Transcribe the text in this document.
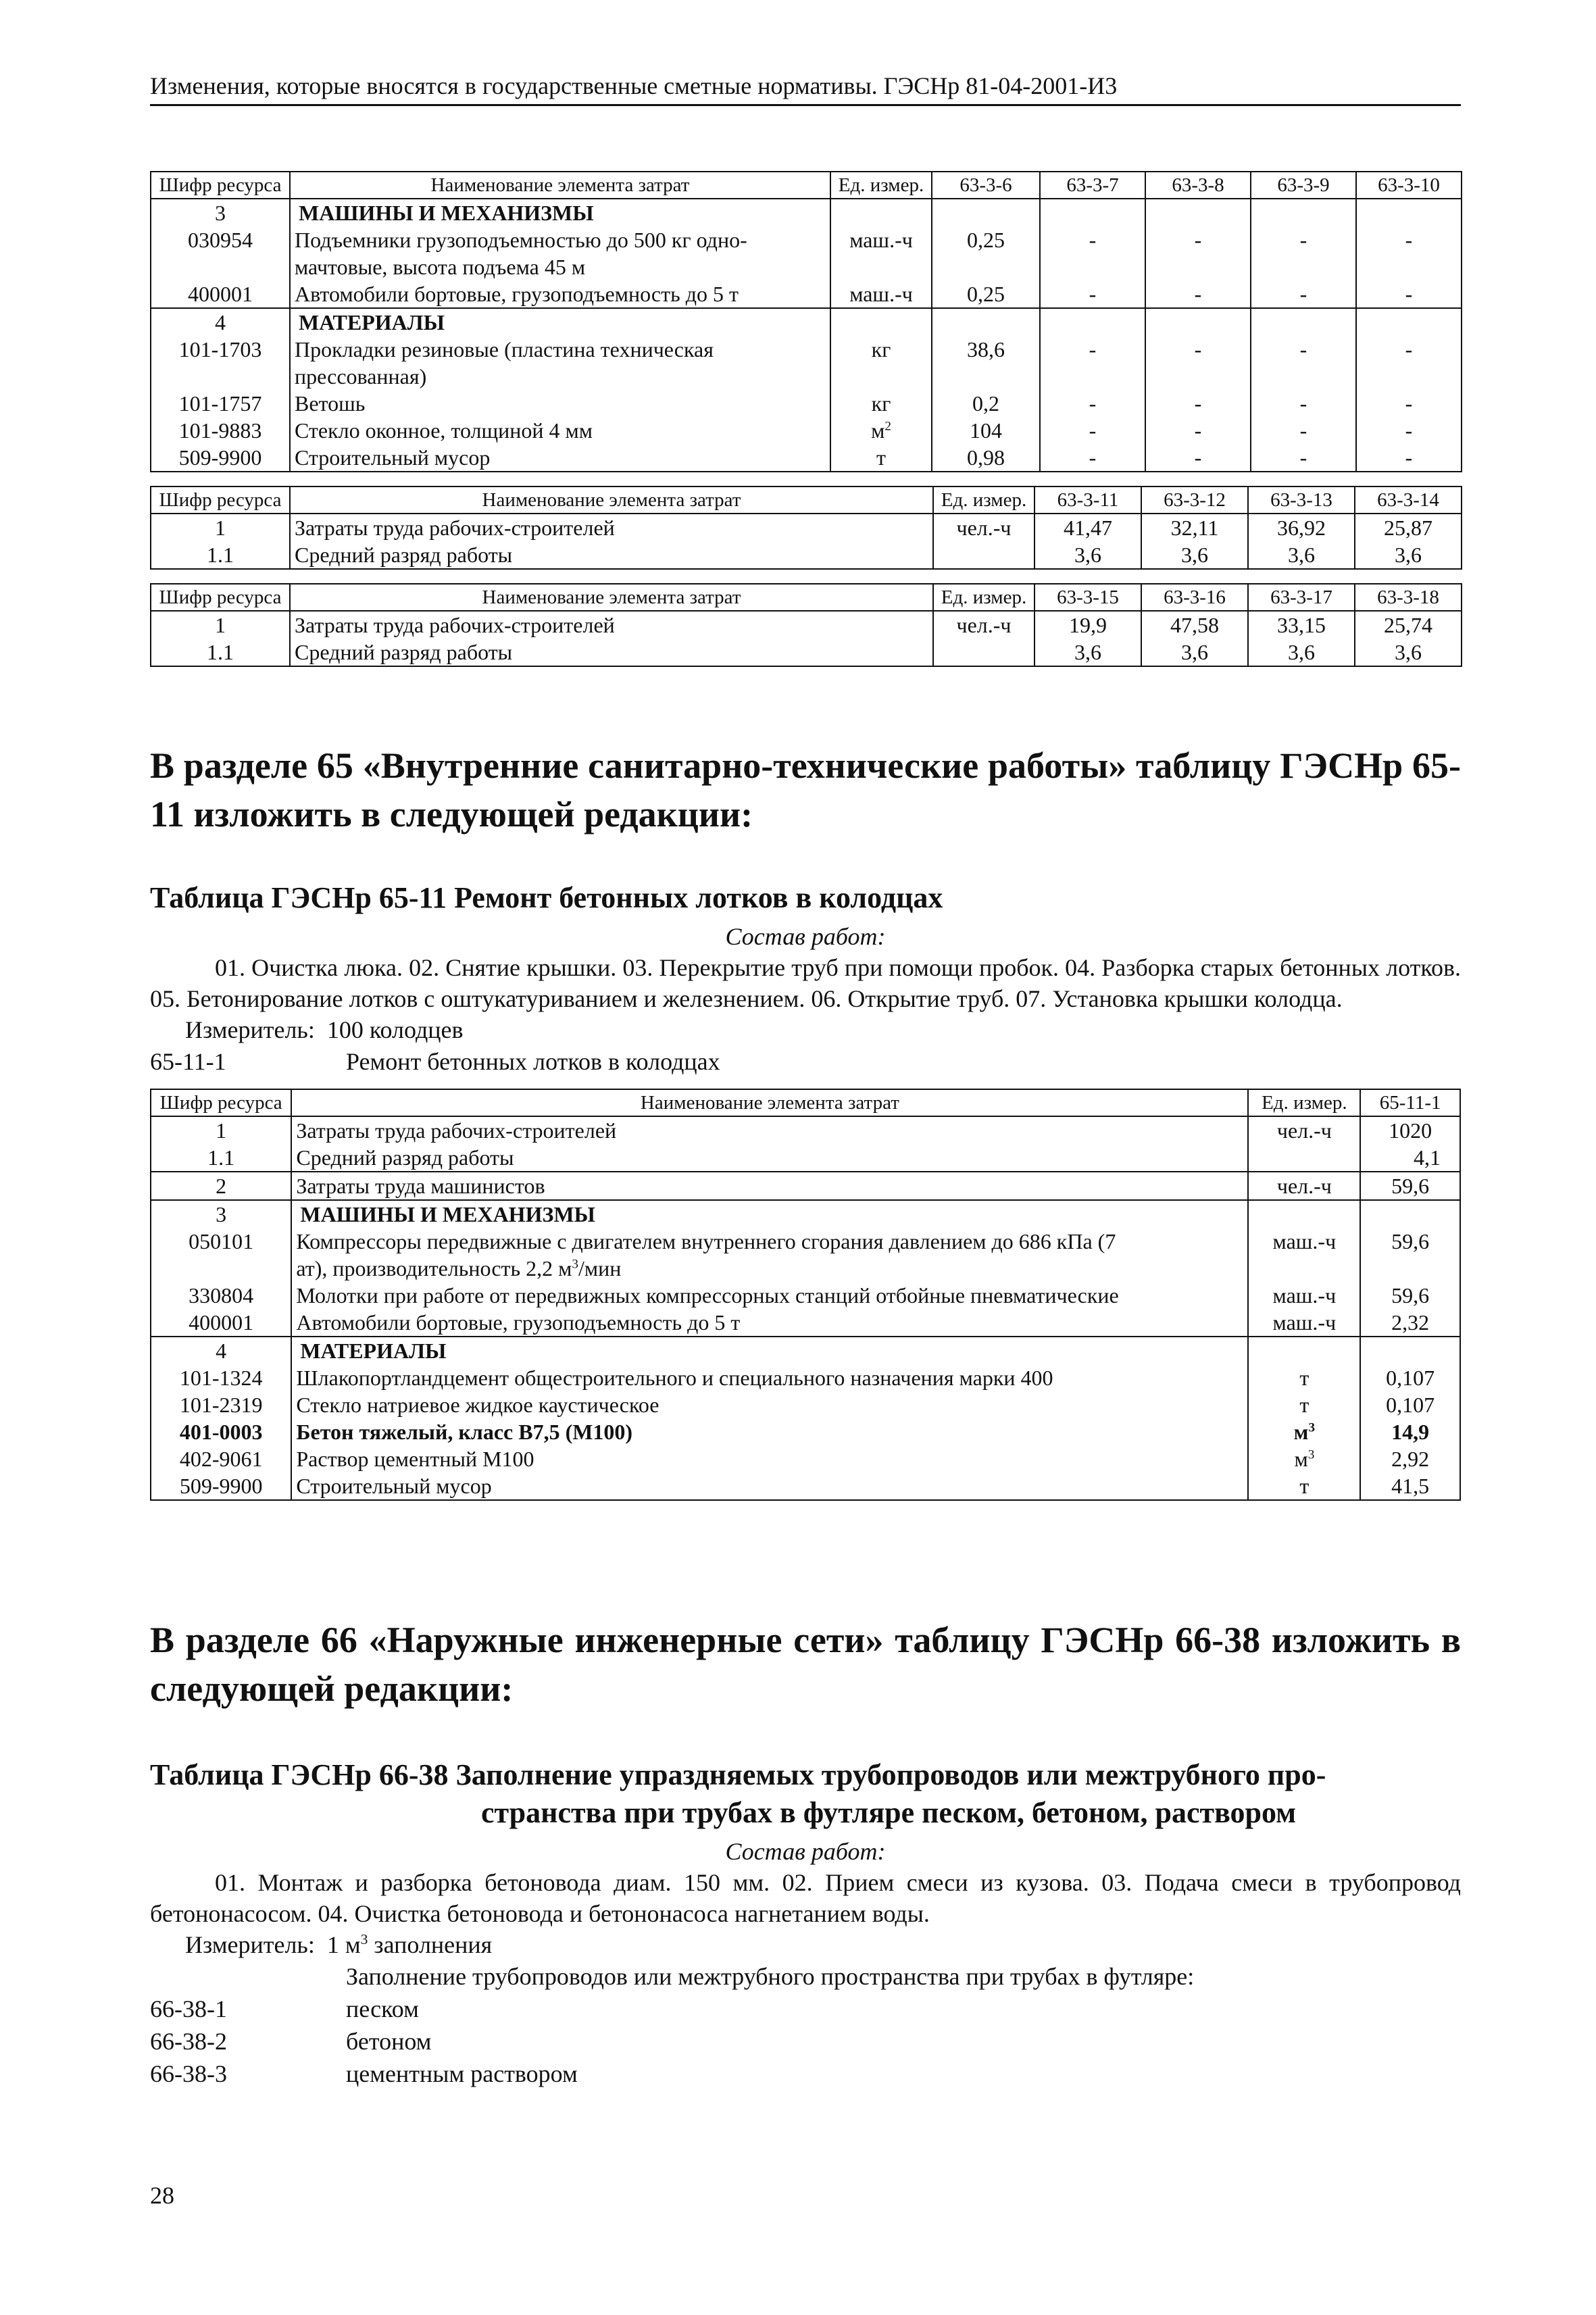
Изменения, которые вносятся в государственные сметные нормативы. ГЭСНр 81-04-2001-И3
Шифр ресурса	Наименование элемента затрат	Ед. измер.	63-3-6	63-3-7	63-3-8	63-3-9	63-3-10
3	МАШИНЫ И МЕХАНИЗМЫ						
030954	Подъемники грузоподъемностью до 500 кг одно-
мачтовые, высота подъема 45 м	маш.-ч	0,25	-	-	-	-
400001	Автомобили бортовые, грузоподъемность до 5 т	маш.-ч	0,25	-	-	-	-
4	МАТЕРИАЛЫ						
101-1703	Прокладки резиновые (пластина техническая
прессованная)	кг	38,6	-	-	-	-
101-1757	Ветошь	кг	0,2	-	-	-	-
101-9883	Стекло оконное, толщиной 4 мм	$м^2$	104	-	-	-	-
509-9900	Строительный мусор	т	0,98	-	-	-	-
Шифр ресурса	Наименование элемента затрат	Ед. измер.	63-3-11	63-3-12	63-3-13	63-3-14
1	Затраты труда рабочих-строителей	чел.-ч	41,47	32,11	36,92	25,87
1.1	Средний разряд работы		3,6	3,6	3,6	3,6
Шифр ресурса	Наименование элемента затрат	Ед. измер.	63-3-15	63-3-16	63-3-17	63-3-18
1	Затраты труда рабочих-строителей	чел.-ч	19,9	47,58	33,15	25,74
1.1	Средний разряд работы		3,6	3,6	3,6	3,6
В разделе 65 «Внутренние санитарно-технические работы» таблицу ГЭСНр 65-11 изложить в следующей редакции:
Таблица ГЭСНр 65-11 Ремонт бетонных лотков в колодцах
Состав работ:
01. Очистка люка. 02. Снятие крышки. 03. Перекрытие труб при помощи пробок. 04. Разборка старых бетонных лотков. 05. Бетонирование лотков с оштукатуриванием и железнением. 06. Открытие труб. 07. Установка крышки колодца.
Измеритель: 100 колодцев
65-11-1	Ремонт бетонных лотков в колодцах
Шифр ресурса	Наименование элемента затрат	Ед. измер.	65-11-1
1	Затраты труда рабочих-строителей	чел.-ч	1020
1.1	Средний разряд работы		4,1
2	Затраты труда машинистов	чел.-ч	59,6
3	МАШИНЫ И МЕХАНИЗМЫ		
050101	Компрессоры передвижные с двигателем внутреннего сгорания давлением до 686 кПа (7
ат), производительность 2,2 $м^3$/мин	маш.-ч	59,6
330804	Молотки при работе от передвижных компрессорных станций отбойные пневматические	маш.-ч	59,6
400001	Автомобили бортовые, грузоподъемность до 5 т	маш.-ч	2,32
4	МАТЕРИАЛЫ		
101-1324	Шлакопортландцемент общестроительного и специального назначения марки 400	т	0,107
101-2319	Стекло натриевое жидкое каустическое	т	0,107
401-0003	Бетон тяжелый, класс В7,5 (М100)	$м^3$	14,9
402-9061	Раствор цементный М100	$м^3$	2,92
509-9900	Строительный мусор	т	41,5
В разделе 66 «Наружные инженерные сети» таблицу ГЭСНр 66-38 изложить в следующей редакции:
Таблица ГЭСНр 66-38 Заполнение упраздняемых трубопроводов или межтрубного про-
странства при трубах в футляре песком, бетоном, раствором
Состав работ:
01. Монтаж и разборка бетоновода диам. 150 мм. 02. Прием смеси из кузова. 03. Подача смеси в трубопровод бетононасосом. 04. Очистка бетоновода и бетононасоса нагнетанием воды.
Измеритель: 1 $м^3$ заполнения
Заполнение трубопроводов или межтрубного пространства при трубах в футляре:
66-38-1	песком
66-38-2	бетоном
66-38-3	цементным раствором
28
